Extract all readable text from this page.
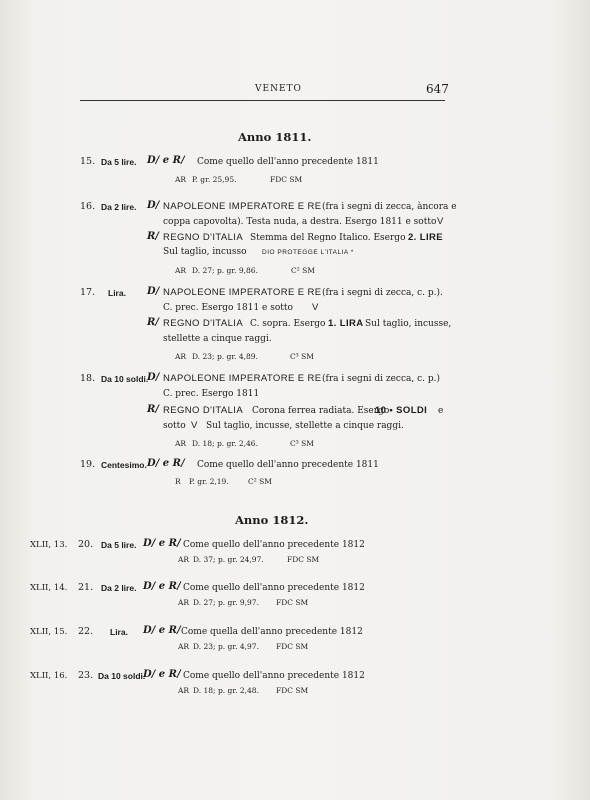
VENETO	647
Anno 1811.
15. Da 5 lire. D/ e R/ Come quello dell'anno precedente 1811
AR P. gr. 25,95.	FDC SM
16. Da 2 lire. D/ NAPOLEONE IMPERATORE E RE (fra i segni di zecca, àncora e
coppa capovolta). Testa nuda, a destra. Esergo 1811 e sotto V
R/ REGNO D'ITALIA Stemma del Regno Italico. Esergo 2. LIRE
Sul taglio, incusso DIO PROTEGGE L'ITALIA *
AR D. 27; p. gr. 9,86.	C² SM
17. Lira. D/ NAPOLEONE IMPERATORE E RE (fra i segni di zecca, c. p.).
C. prec. Esergo 1811 e sotto V
R/ REGNO D'ITALIA C. sopra. Esergo 1. LIRA Sul taglio, incusse,
stellette a cinque raggi.
AR D. 23; p. gr. 4,89.	C³ SM
18. Da 10 soldi.
D/ NAPOLEONE IMPERATORE E RE (fra i segni di zecca, c. p.)
C. prec. Esergo 1811
R/ REGNO D'ITALIA Corona ferrea radiata. Esergo
10 • SOLDI e
sotto V Sul taglio, incusse, stellette a cinque raggi.
AR D. 18; p. gr. 2,46.	C³ SM
19. Centesimo. D/ e R/ Come quello dell'anno precedente 1811
R P. gr. 2,19.	C² SM
Anno 1812.
XLII, 13. 20. Da 5 lire. D/ e R/ Come quello dell'anno precedente 1812
AR D. 37; p. gr. 24,97.	FDC SM
XLII, 14. 21. Da 2 lire. D/ e R/ Come quello dell'anno precedente 1812
AR D. 27; p. gr. 9,97. FDC SM
XLII, 15. 22. Lira. D/ e R/ Come quella dell'anno precedente 1812
AR D. 23; p. gr. 4,97. FDC SM
XLII, 16. 23. Da 10 soldi.
D/ e R/ Come quello dell'anno precedente 1812
AR D. 18; p. gr. 2,48. FDC SM
